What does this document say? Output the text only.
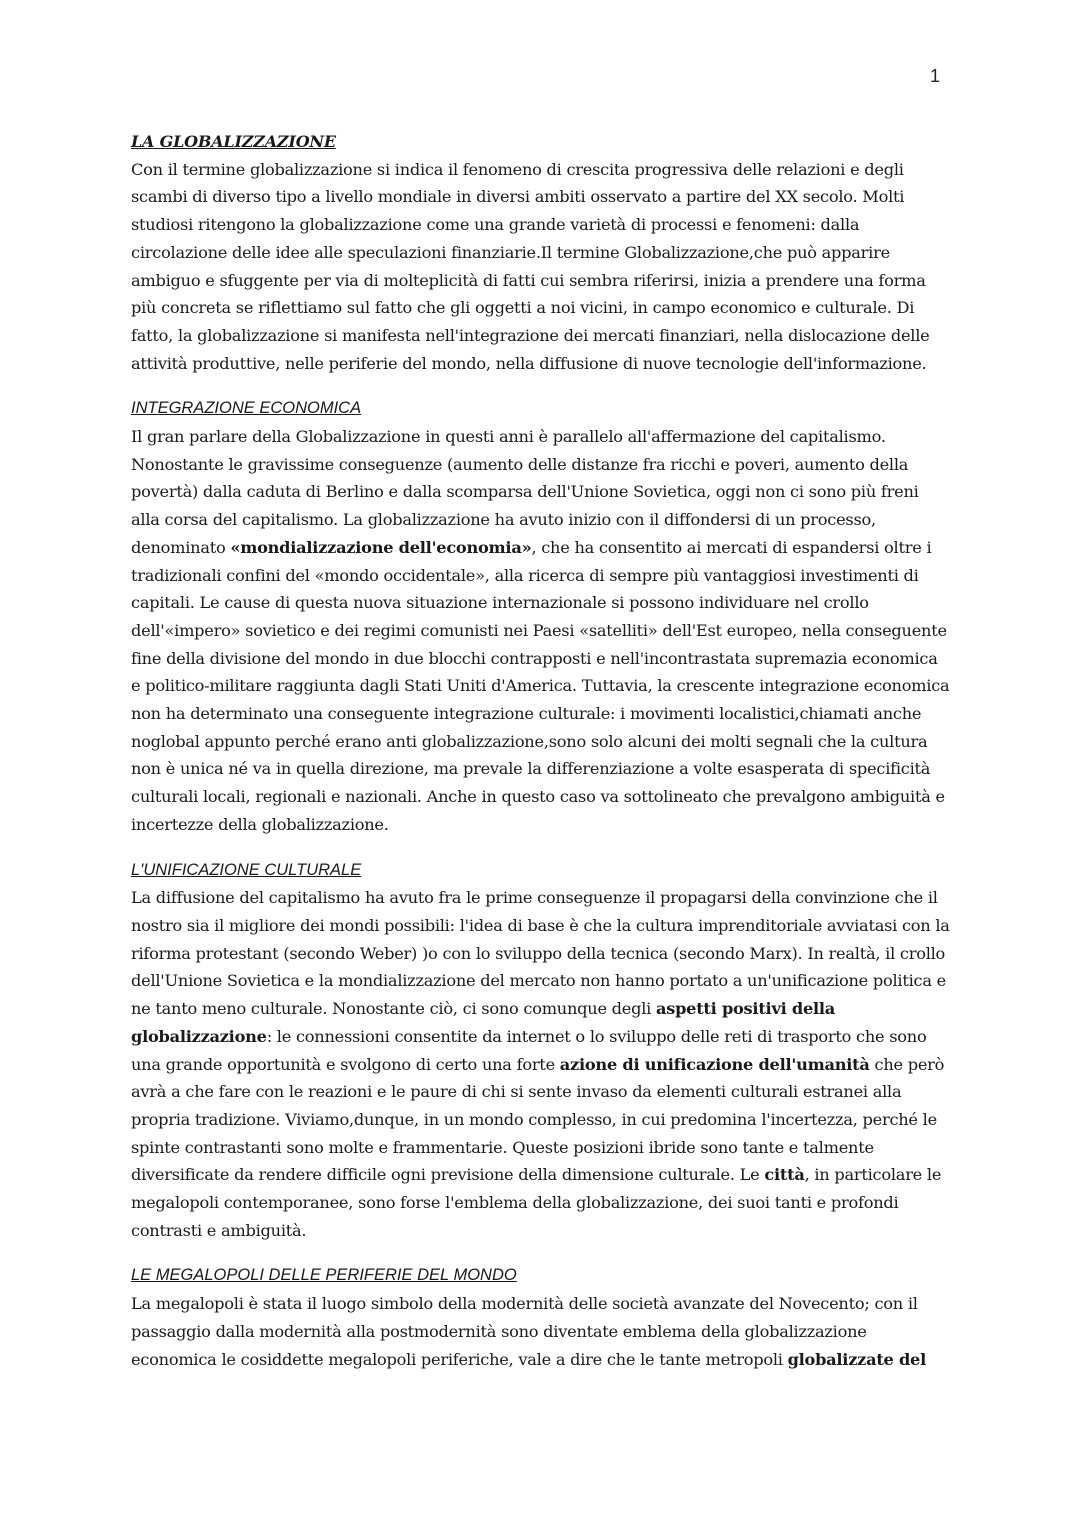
1
LA GLOBALIZZAZIONE

Con il termine globalizzazione si indica il fenomeno di crescita progressiva delle relazioni e degli scambi di diverso tipo a livello mondiale in diversi ambiti osservato a partire del XX secolo. Molti studiosi ritengono la globalizzazione come una grande varietà di processi e fenomeni: dalla circolazione delle idee alle speculazioni finanziarie.Il termine Globalizzazione,che può apparire ambiguo e sfuggente per via di molteplicità di fatti cui sembra riferirsi, inizia a prendere una forma più concreta se riflettiamo sul fatto che gli oggetti a noi vicini, in campo economico e culturale. Di fatto, la globalizzazione si manifesta nell'integrazione dei mercati finanziari, nella dislocazione delle attività produttive, nelle periferie del mondo, nella diffusione di nuove tecnologie dell'informazione.

INTEGRAZIONE ECONOMICA

Il gran parlare della Globalizzazione in questi anni è parallelo all'affermazione del capitalismo. Nonostante le gravissime conseguenze (aumento delle distanze fra ricchi e poveri, aumento della povertà) dalla caduta di Berlino e dalla scomparsa dell'Unione Sovietica, oggi non ci sono più freni alla corsa del capitalismo. La globalizzazione ha avuto inizio con il diffondersi di un processo, denominato «mondializzazione dell'economia», che ha consentito ai mercati di espandersi oltre i tradizionali confini del «mondo occidentale», alla ricerca di sempre più vantaggiosi investimenti di capitali. Le cause di questa nuova situazione internazionale si possono individuare nel crollo dell'«impero» sovietico e dei regimi comunisti nei Paesi «satelliti» dell'Est europeo, nella conseguente fine della divisione del mondo in due blocchi contrapposti e nell'incontrastata supremazia economica e politico-militare raggiunta dagli Stati Uniti d'America. Tuttavia, la crescente integrazione economica non ha determinato una conseguente integrazione culturale: i movimenti localistici,chiamati anche noglobal appunto perché erano anti globalizzazione,sono solo alcuni dei molti segnali che la cultura non è unica né va in quella direzione, ma prevale la differenziazione a volte esasperata di specificità culturali locali, regionali e nazionali. Anche in questo caso va sottolineato che prevalgono ambiguità e incertezze della globalizzazione.

L'UNIFICAZIONE CULTURALE

La diffusione del capitalismo ha avuto fra le prime conseguenze il propagarsi della convinzione che il nostro sia il migliore dei mondi possibili: l'idea di base è che la cultura imprenditoriale avviatasi con la riforma protestant (secondo Weber) )o con lo sviluppo della tecnica (secondo Marx). In realtà, il crollo dell'Unione Sovietica e la mondializzazione del mercato non hanno portato a un'unificazione politica e ne tanto meno culturale. Nonostante ciò, ci sono comunque degli aspetti positivi della globalizzazione: le connessioni consentite da internet o lo sviluppo delle reti di trasporto che sono una grande opportunità e svolgono di certo una forte azione di unificazione dell'umanità che però avrà a che fare con le reazioni e le paure di chi si sente invaso da elementi culturali estranei alla propria tradizione. Viviamo,dunque, in un mondo complesso, in cui predomina l'incertezza, perché le spinte contrastanti sono molte e frammentarie. Queste posizioni ibride sono tante e talmente diversificate da rendere difficile ogni previsione della dimensione culturale. Le città, in particolare le megalopoli contemporanee, sono forse l'emblema della globalizzazione, dei suoi tanti e profondi contrasti e ambiguità.

LE MEGALOPOLI DELLE PERIFERIE DEL MONDO

La megalopoli è stata il luogo simbolo della modernità delle società avanzate del Novecento; con il passaggio dalla modernità alla postmodernità sono diventate emblema della globalizzazione economica le cosiddette megalopoli periferiche, vale a dire che le tante metropoli globalizzate del
